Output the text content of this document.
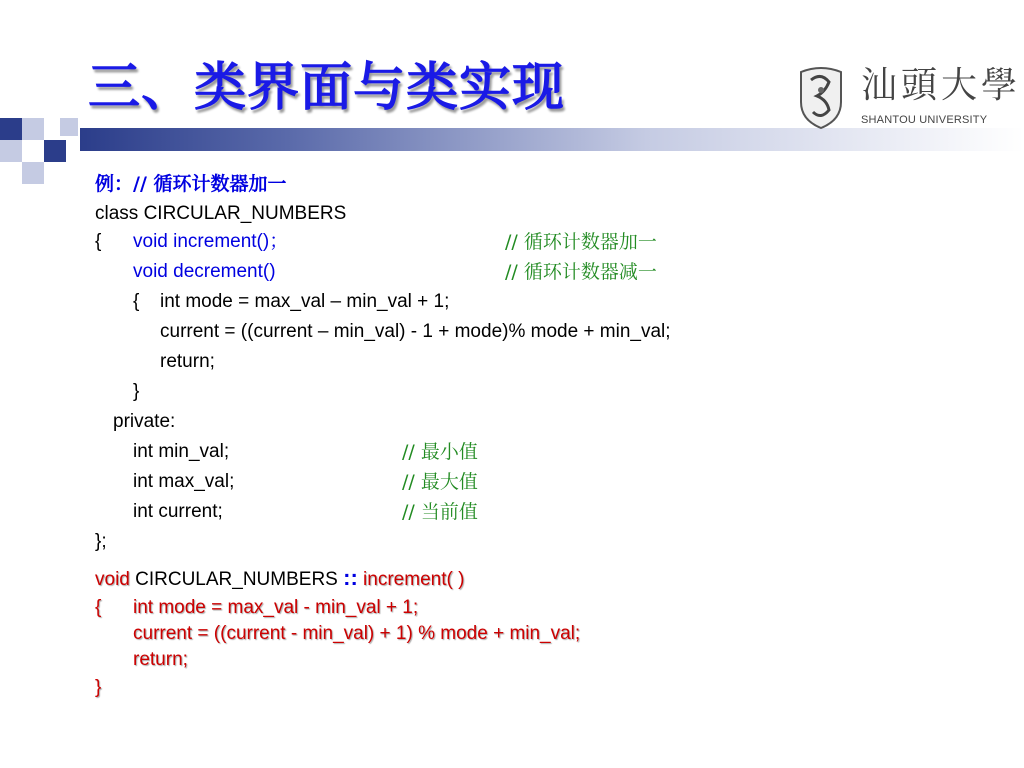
三、类界面与类实现	汕頭大學
SHANTOU UNIVERSITY
例：// 循环计数器加一
class CIRCULAR_NUMBERS
{ void increment()；	// 循环计数器加一
void decrement()	// 循环计数器减一
{ int mode = max_val – min_val + 1;
current = ((current – min_val) - 1 + mode)% mode + min_val;
return;
}
private:
int min_val;	// 最小值
int max_val;	// 最大值
int current;	// 当前值
};
void CIRCULAR_NUMBERS :: increment( )
{ int mode = max_val - min_val + 1;
current = ((current - min_val) + 1) % mode + min_val;
return;
}
